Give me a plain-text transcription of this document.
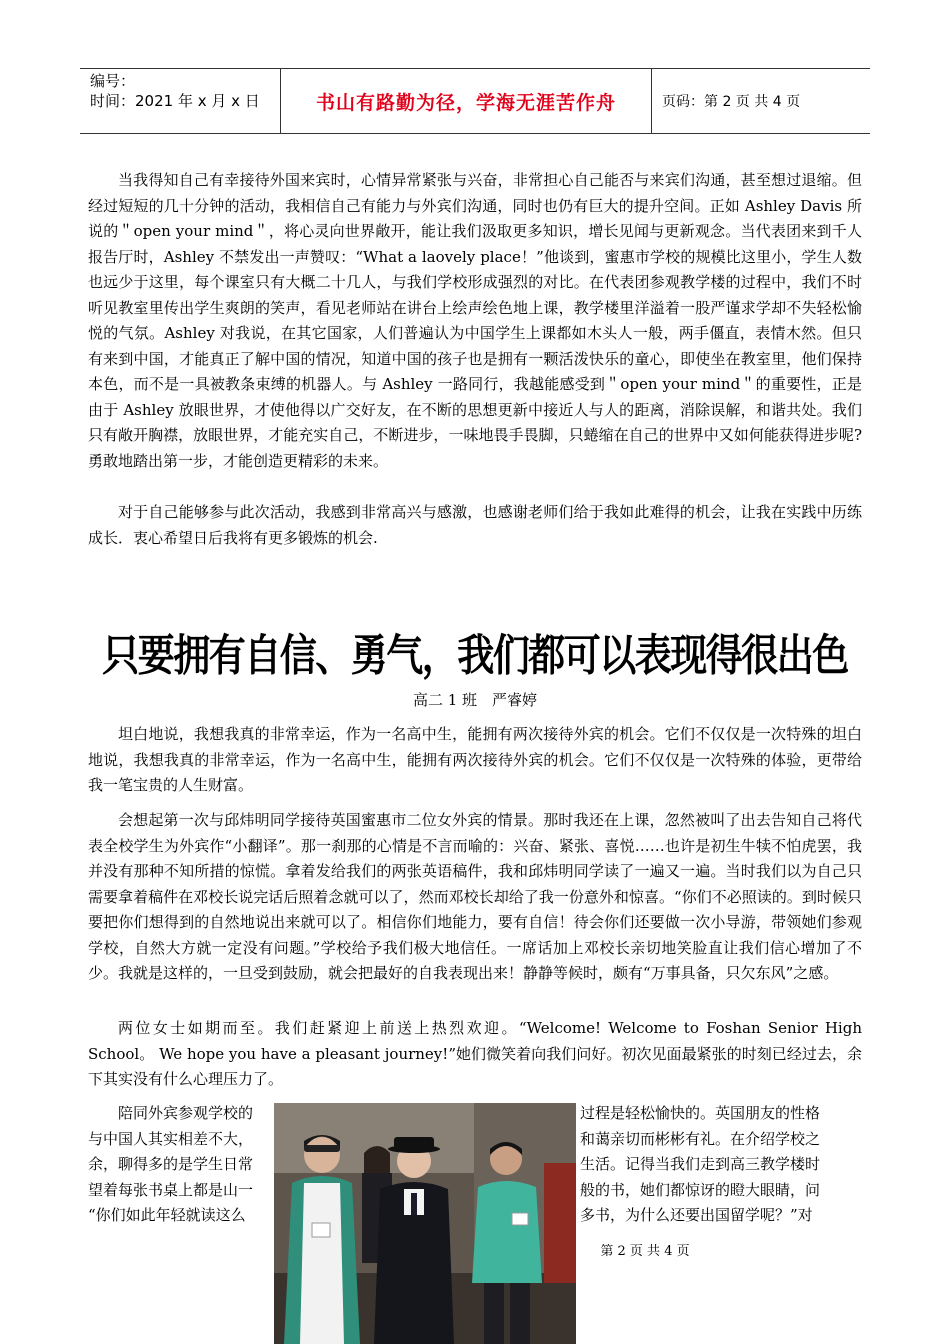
编号：
时间：2021 年 x 月 x 日	书山有路勤为径，学海无涯苦作舟	页码：第 2 页 共 4 页

当我得知自己有幸接待外国来宾时，心情异常紧张与兴奋，非常担心自己能否与来宾们沟通，甚至想过退缩。但经过短短的几十分钟的活动，我相信自己有能力与外宾们沟通，同时也仍有巨大的提升空间。正如 Ashley Davis 所说的＂open your mind＂，将心灵向世界敞开，能让我们汲取更多知识，增长见闻与更新观念。当代表团来到千人报告厅时，Ashley 不禁发出一声赞叹：“What a laovely place！”他谈到，蜜惠市学校的规模比这里小，学生人数也远少于这里，每个课室只有大概二十几人，与我们学校形成强烈的对比。在代表团参观教学楼的过程中，我们不时听见教室里传出学生爽朗的笑声，看见老师站在讲台上绘声绘色地上课，教学楼里洋溢着一股严谨求学却不失轻松愉悦的气氛。Ashley 对我说，在其它国家，人们普遍认为中国学生上课都如木头人一般，两手僵直，表情木然。但只有来到中国，才能真正了解中国的情况，知道中国的孩子也是拥有一颗活泼快乐的童心，即使坐在教室里，他们保持本色，而不是一具被教条束缚的机器人。与 Ashley 一路同行，我越能感受到＂open your mind＂的重要性，正是由于 Ashley 放眼世界，才使他得以广交好友，在不断的思想更新中接近人与人的距离，消除误解，和谐共处。我们只有敞开胸襟，放眼世界，才能充实自己，不断进步，一味地畏手畏脚，只蜷缩在自己的世界中又如何能获得进步呢?勇敢地踏出第一步，才能创造更精彩的未来。

对于自己能够参与此次活动，我感到非常高兴与感激，也感谢老师们给于我如此难得的机会，让我在实践中历练成长．衷心希望日后我将有更多锻炼的机会.

只要拥有自信、勇气，我们都可以表现得很出色
高二 1 班　严睿婷

坦白地说，我想我真的非常幸运，作为一名高中生，能拥有两次接待外宾的机会。它们不仅仅是一次特殊的坦白地说，我想我真的非常幸运，作为一名高中生，能拥有两次接待外宾的机会。它们不仅仅是一次特殊的体验，更带给我一笔宝贵的人生财富。

会想起第一次与邱炜明同学接待英国蜜惠市二位女外宾的情景。那时我还在上课，忽然被叫了出去告知自己将代表全校学生为外宾作“小翻译”。那一刹那的心情是不言而喻的：兴奋、紧张、喜悦……也许是初生牛犊不怕虎罢，我并没有那种不知所措的惊慌。拿着发给我们的两张英语稿件，我和邱炜明同学读了一遍又一遍。当时我们以为自己只需要拿着稿件在邓校长说完话后照着念就可以了，然而邓校长却给了我一份意外和惊喜。“你们不必照读的。到时候只要把你们想得到的自然地说出来就可以了。相信你们地能力，要有自信！待会你们还要做一次小导游，带领她们参观学校，自然大方就一定没有问题。”学校给予我们极大地信任。一席话加上邓校长亲切地笑脸直让我们信心增加了不少。我就是这样的，一旦受到鼓励，就会把最好的自我表现出来！静静等候时，颇有“万事具备，只欠东风”之感。

两位女士如期而至。我们赶紧迎上前送上热烈欢迎。“Welcome! Welcome to Foshan Senior High School。 We hope you have a pleasant journey!”她们微笑着向我们问好。初次见面最紧张的时刻已经过去，余下其实没有什么心理压力了。

陪同外宾参观学校的	过程是轻松愉快的。英国朋友的性格
与中国人其实相差不大，	和蔼亲切而彬彬有礼。在介绍学校之
余，聊得多的是学生日常	生活。记得当我们走到高三教学楼时
望着每张书桌上都是山一	般的书，她们都惊讶的瞪大眼睛，问
“你们如此年轻就读这么	多书，为什么还要出国留学呢？”对
第 2 页 共 4 页
